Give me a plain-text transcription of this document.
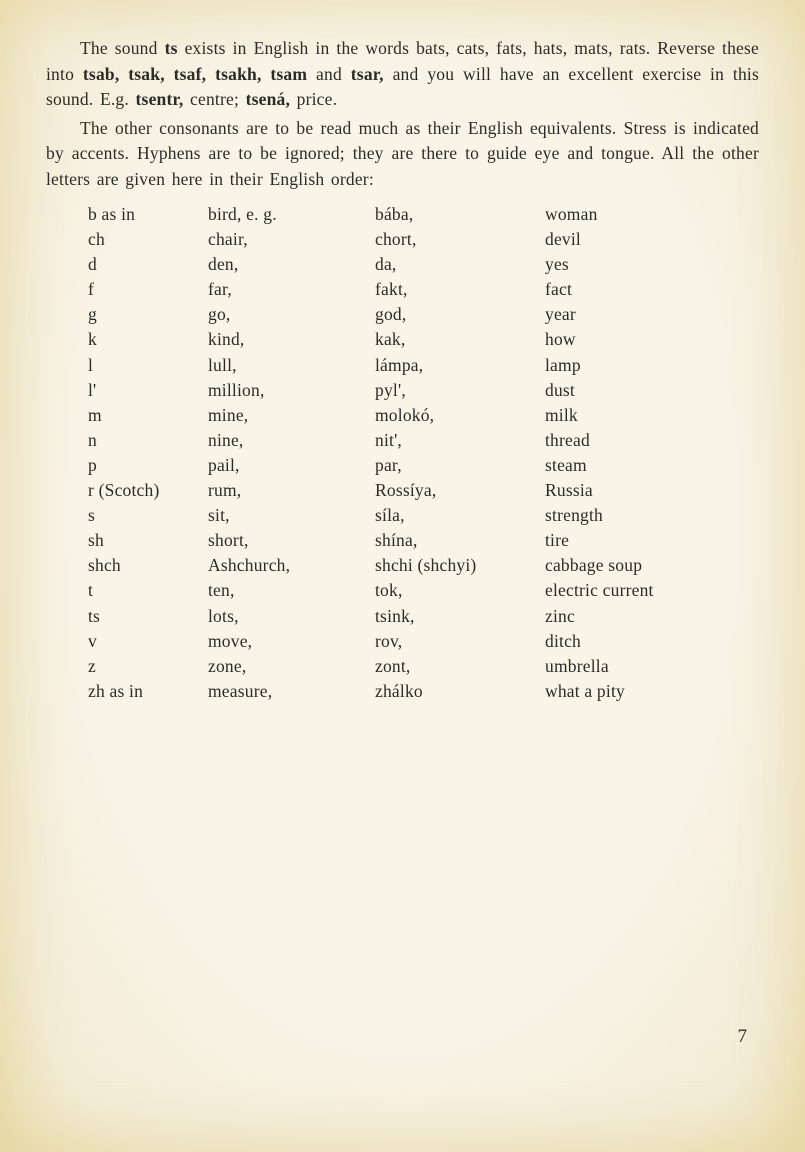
The sound ts exists in English in the words bats, cats, fats, hats, mats, rats. Reverse these into tsab, tsak, tsaf, tsakh, tsam and tsar, and you will have an excellent exercise in this sound. E.g. tsentr, centre; tsená, price.

The other consonants are to be read much as their English equivalents. Stress is indicated by accents. Hyphens are to be ignored; they are there to guide eye and tongue. All the other letters are given here in their English order:

b as in	bird, e. g.	bába,	woman
ch	chair,	chort,	devil
d	den,	da,	yes
f	far,	fakt,	fact
g	go,	god,	year
k	kind,	kak,	how
l	lull,	lámpa,	lamp
l'	million,	pyl',	dust
m	mine,	molokó,	milk
n	nine,	nit',	thread
p	pail,	par,	steam
r (Scotch)	rum,	Rossíya,	Russia
s	sit,	síla,	strength
sh	short,	shína,	tire
shch	Ashchurch,	shchi (shchyi)	cabbage soup
t	ten,	tok,	electric current
ts	lots,	tsink,	zinc
v	move,	rov,	ditch
z	zone,	zont,	umbrella
zh as in	measure,	zhálko	what a pity
7
